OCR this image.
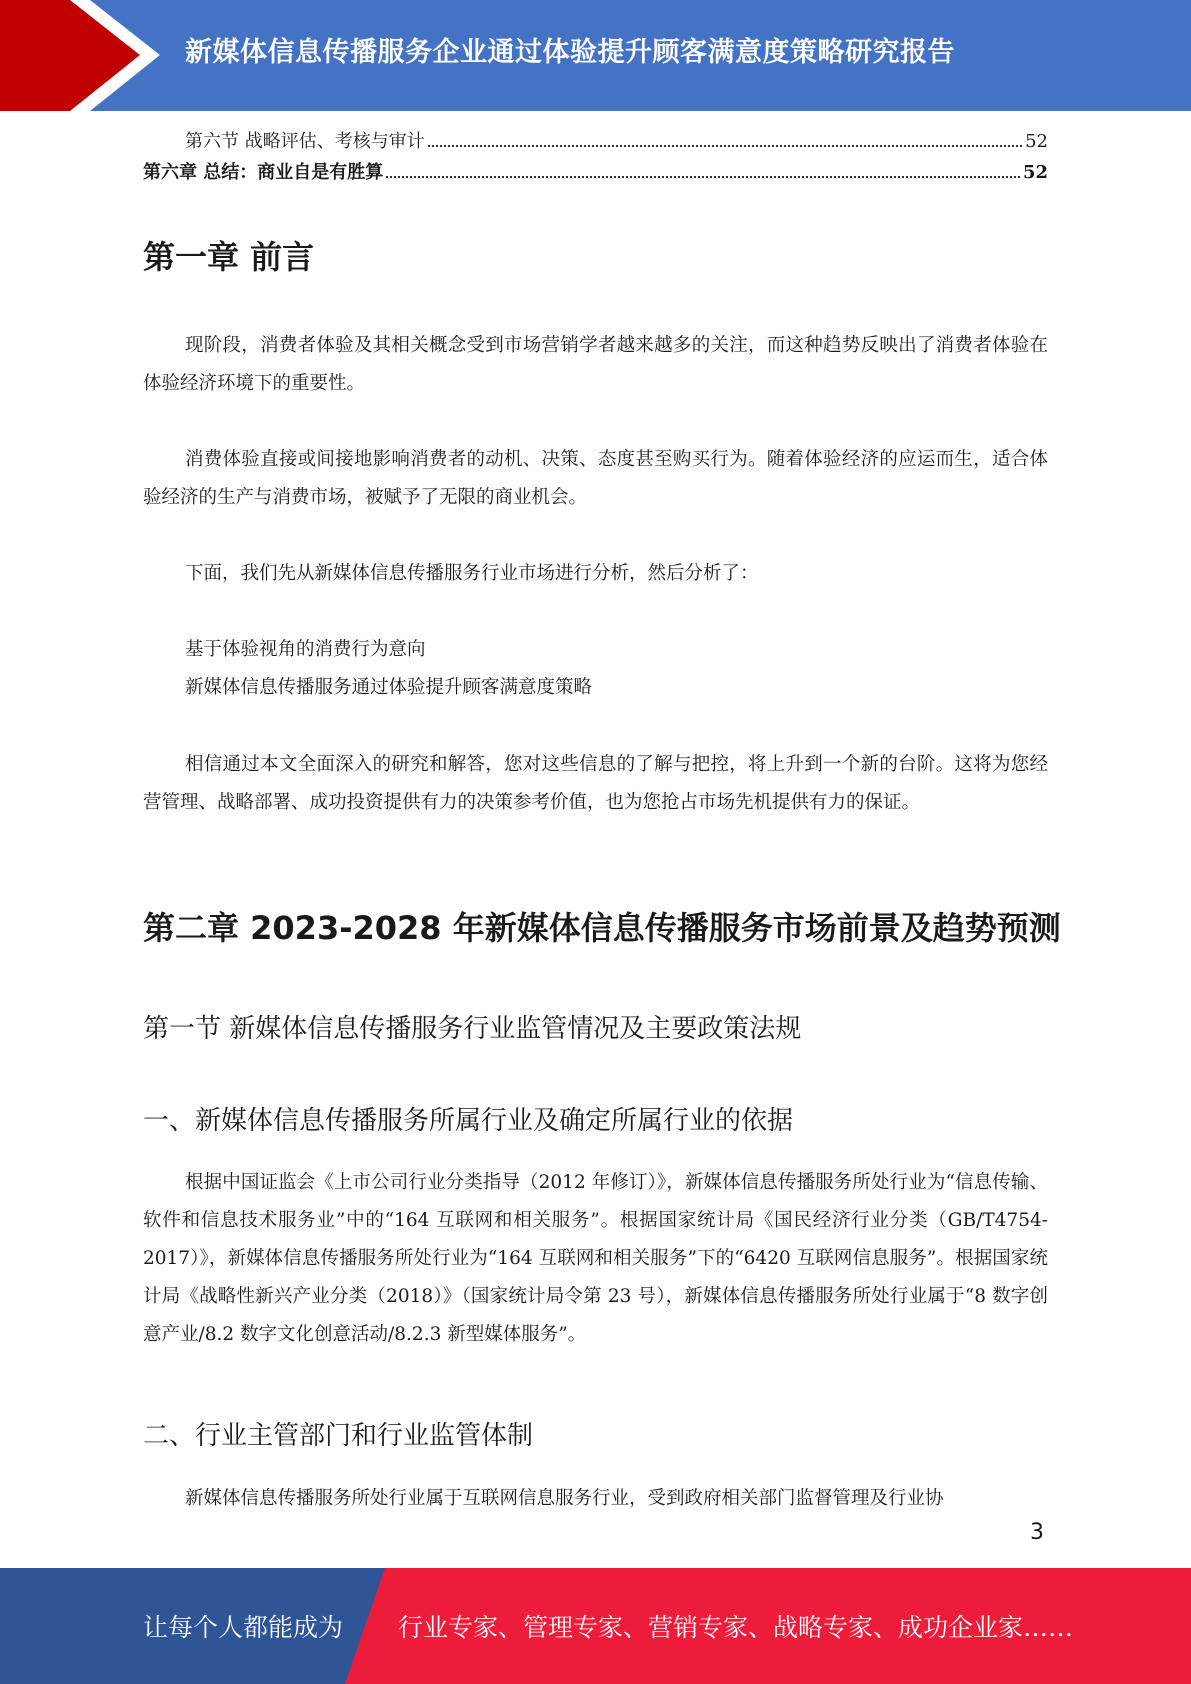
新媒体信息传播服务企业通过体验提升顾客满意度策略研究报告
第六节 战略评估、考核与审计	52
第六章 总结：商业自是有胜算	52
第一章 前言

现阶段，消费者体验及其相关概念受到市场营销学者越来越多的关注，而这种趋势反映出了消费者体验在体验经济环境下的重要性。

消费体验直接或间接地影响消费者的动机、决策、态度甚至购买行为。随着体验经济的应运而生，适合体验经济的生产与消费市场，被赋予了无限的商业机会。

下面，我们先从新媒体信息传播服务行业市场进行分析，然后分析了：

基于体验视角的消费行为意向
新媒体信息传播服务通过体验提升顾客满意度策略

相信通过本文全面深入的研究和解答，您对这些信息的了解与把控，将上升到一个新的台阶。这将为您经营管理、战略部署、成功投资提供有力的决策参考价值，也为您抢占市场先机提供有力的保证。

第二章 2023-2028 年新媒体信息传播服务市场前景及趋势预测
第一节 新媒体信息传播服务行业监管情况及主要政策法规
一、新媒体信息传播服务所属行业及确定所属行业的依据

根据中国证监会《上市公司行业分类指导（2012 年修订）》，新媒体信息传播服务所处行业为“信息传输、软件和信息技术服务业”中的“164 互联网和相关服务”。根据国家统计局《国民经济行业分类（GB/T4754-2017）》，新媒体信息传播服务所处行业为“164 互联网和相关服务”下的“6420 互联网信息服务”。根据国家统计局《战略性新兴产业分类（2018）》（国家统计局令第 23 号），新媒体信息传播服务所处行业属于“8 数字创意产业/8.2 数字文化创意活动/8.2.3 新型媒体服务”。

二、行业主管部门和行业监管体制

新媒体信息传播服务所处行业属于互联网信息服务行业，受到政府相关部门监督管理及行业协

3
让每个人都能成为 行业专家、管理专家、营销专家、战略专家、成功企业家……
